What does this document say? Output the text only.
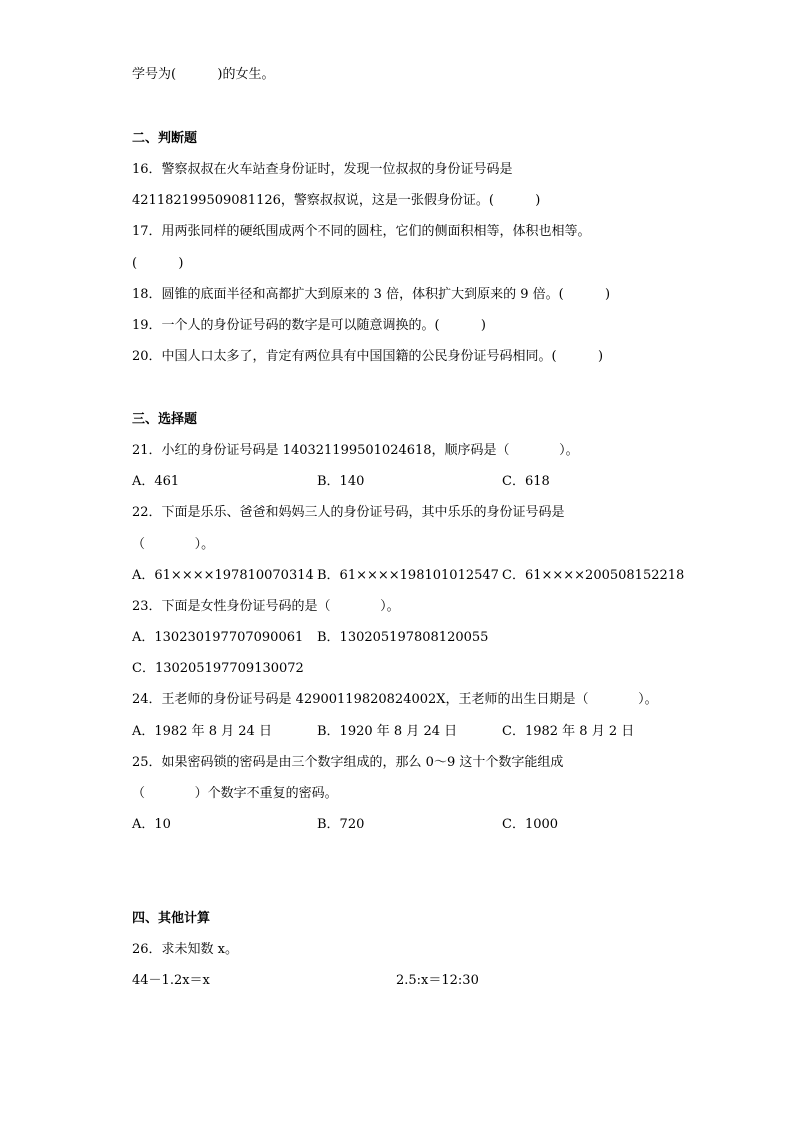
学号为(          )的女生。
二、判断题
16．警察叔叔在火车站查身份证时，发现一位叔叔的身份证号码是
421182199509081126，警察叔叔说，这是一张假身份证。(          )
17．用两张同样的硬纸围成两个不同的圆柱，它们的侧面积相等，体积也相等。
(          )
18．圆锥的底面半径和高都扩大到原来的 3 倍，体积扩大到原来的 9 倍。(          )
19．一个人的身份证号码的数字是可以随意调换的。(          )
20．中国人口太多了，肯定有两位具有中国国籍的公民身份证号码相同。(          )
三、选择题
21．小红的身份证号码是 140321199501024618，顺序码是（            ）。
A．461	B．140	C．618
22．下面是乐乐、爸爸和妈妈三人的身份证号码，其中乐乐的身份证号码是
（            ）。
A．61××××197810070314 B．61××××198101012547 C．61××××200508152218
23．下面是女性身份证号码的是（            ）。
A．130230197707090061 B．130205197808120055
C．130205197709130072
24．王老师的身份证号码是 42900119820824002X，王老师的出生日期是（            ）。
A．1982 年 8 月 24 日	B．1920 年 8 月 24 日	C．1982 年 8 月 2 日
25．如果密码锁的密码是由三个数字组成的，那么 0～9 这十个数字能组成
（            ）个数字不重复的密码。
A．10	B．720	C．1000
四、其他计算
26．求未知数 x。
44－1.2x＝x	2.5:x＝12:30
